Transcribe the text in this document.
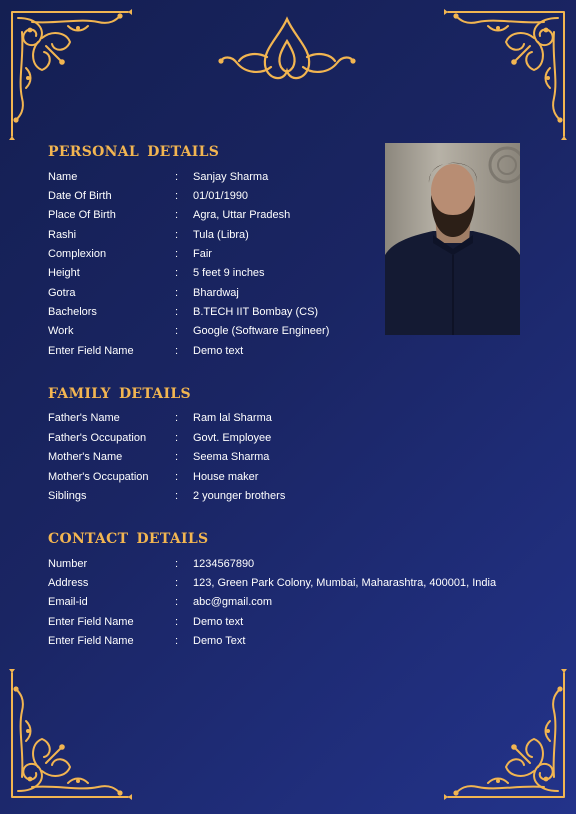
PERSONAL DETAILS
Name	: Sanjay Sharma
Date Of Birth	: 01/01/1990
Place Of Birth	: Agra, Uttar Pradesh
Rashi	: Tula (Libra)
Complexion	: Fair
Height	: 5 feet 9 inches
Gotra	: Bhardwaj
Bachelors	: B.TECH IIT Bombay (CS)
Work	: Google (Software Engineer)
Enter Field Name	: Demo text
FAMILY DETAILS
Father's Name	: Ram lal Sharma
Father's Occupation	: Govt. Employee
Mother's Name	: Seema Sharma
Mother's Occupation	: House maker
Siblings	: 2 younger brothers
CONTACT DETAILS
Number	: 1234567890
Address	: 123, Green Park Colony, Mumbai, Maharashtra, 400001, India
Email-id	: abc@gmail.com
Enter Field Name	: Demo text
Enter Field Name	: Demo Text
